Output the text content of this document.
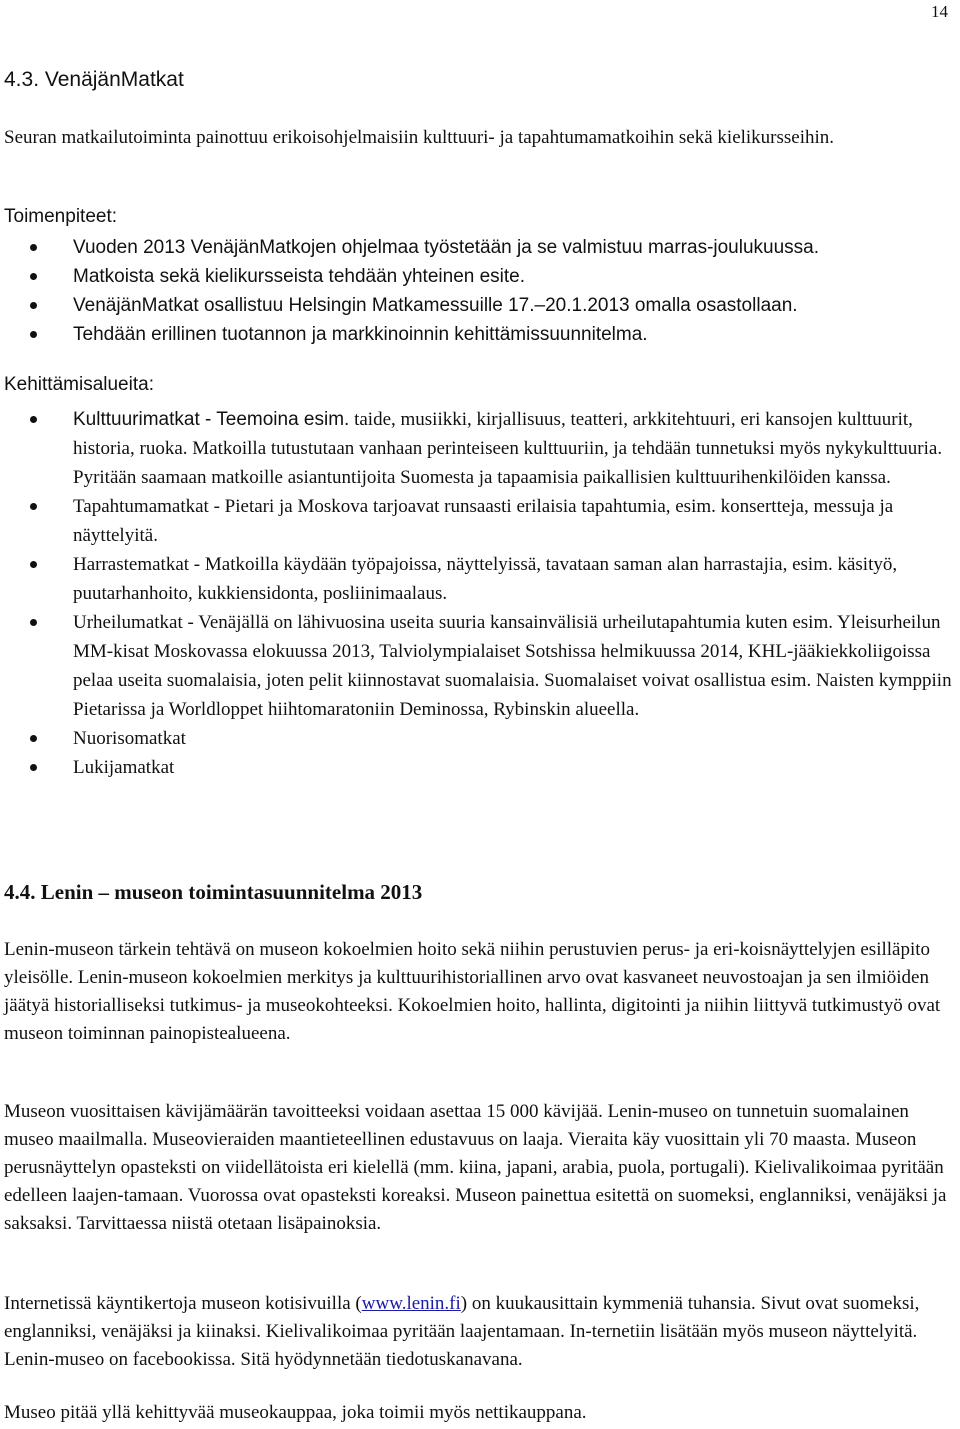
14
4.3. VenäjänMatkat

Seuran matkailutoiminta painottuu erikoisohjelmaisiin kulttuuri- ja tapahtumamatkoihin sekä kielikursseihin.

Toimenpiteet:
Vuoden 2013 VenäjänMatkojen ohjelmaa työstetään ja se valmistuu marras-joulukuussa.
Matkoista sekä kielikursseista tehdään yhteinen esite.
VenäjänMatkat osallistuu Helsingin Matkamessuille 17.–20.1.2013 omalla osastollaan.
Tehdään erillinen tuotannon ja markkinoinnin kehittämissuunnitelma.
Kehittämisalueita:
Kulttuurimatkat - Teemoina esim. taide, musiikki, kirjallisuus, teatteri, arkkitehtuuri, eri kansojen kulttuurit, historia, ruoka. Matkoilla tutustutaan vanhaan perinteiseen kulttuuriin, ja tehdään tunnetuksi myös nykykulttuuria. Pyritään saamaan matkoille asiantuntijoita Suomesta ja tapaamisia paikallisien kulttuurihenkilöiden kanssa.
Tapahtumamatkat - Pietari ja Moskova tarjoavat runsaasti erilaisia tapahtumia, esim. konsertteja, messuja ja näyttelyitä.
Harrastematkat - Matkoilla käydään työpajoissa, näyttelyissä, tavataan saman alan harrastajia, esim. käsityö, puutarhanhoito, kukkiensidonta, posliinimaalaus.
Urheilumatkat - Venäjällä on lähivuosina useita suuria kansainvälisiä urheilutapahtumia kuten esim. Yleisurheilun MM-kisat Moskovassa elokuussa 2013, Talviolympialaiset Sotshissa helmikuussa 2014, KHL-jääkiekkoliigoissa pelaa useita suomalaisia, joten pelit kiinnostavat suomalaisia. Suomalaiset voivat osallistua esim. Naisten kymppiin Pietarissa ja Worldloppet hiihtomaratoniin Deminossa, Rybinskin alueella.
Nuorisomatkat
Lukijamatkat
4.4. Lenin – museon toimintasuunnitelma 2013

Lenin-museon tärkein tehtävä on museon kokoelmien hoito sekä niihin perustuvien perus- ja eri-koisnäyttelyjen esilläpito yleisölle. Lenin-museon kokoelmien merkitys ja kulttuurihistoriallinen arvo ovat kasvaneet neuvostoajan ja sen ilmiöiden jäätyä historialliseksi tutkimus- ja museokohteeksi. Kokoelmien hoito, hallinta, digitointi ja niihin liittyvä tutkimustyö ovat museon toiminnan painopistealueena.

Museon vuosittaisen kävijämäärän tavoitteeksi voidaan asettaa 15 000 kävijää. Lenin-museo on tunnetuin suomalainen museo maailmalla. Museovieraiden maantieteellinen edustavuus on laaja. Vieraita käy vuosittain yli 70 maasta. Museon perusnäyttelyn opasteksti on viidellätoista eri kielellä (mm. kiina, japani, arabia, puola, portugali). Kielivalikoimaa pyritään edelleen laajen-tamaan. Vuorossa ovat opasteksti koreaksi. Museon painettua esitettä on suomeksi, englanniksi, venäjäksi ja saksaksi. Tarvittaessa niistä otetaan lisäpainoksia.

Internetissä käyntikertoja museon kotisivuilla (www.lenin.fi) on kuukausittain kymmeniä tuhansia. Sivut ovat suomeksi, englanniksi, venäjäksi ja kiinaksi. Kielivalikoimaa pyritään laajentamaan. In-ternetiin lisätään myös museon näyttelyitä. Lenin-museo on facebookissa. Sitä hyödynnetään tiedotuskanavana.

Museo pitää yllä kehittyvää museokauppaa, joka toimii myös nettikauppana.
